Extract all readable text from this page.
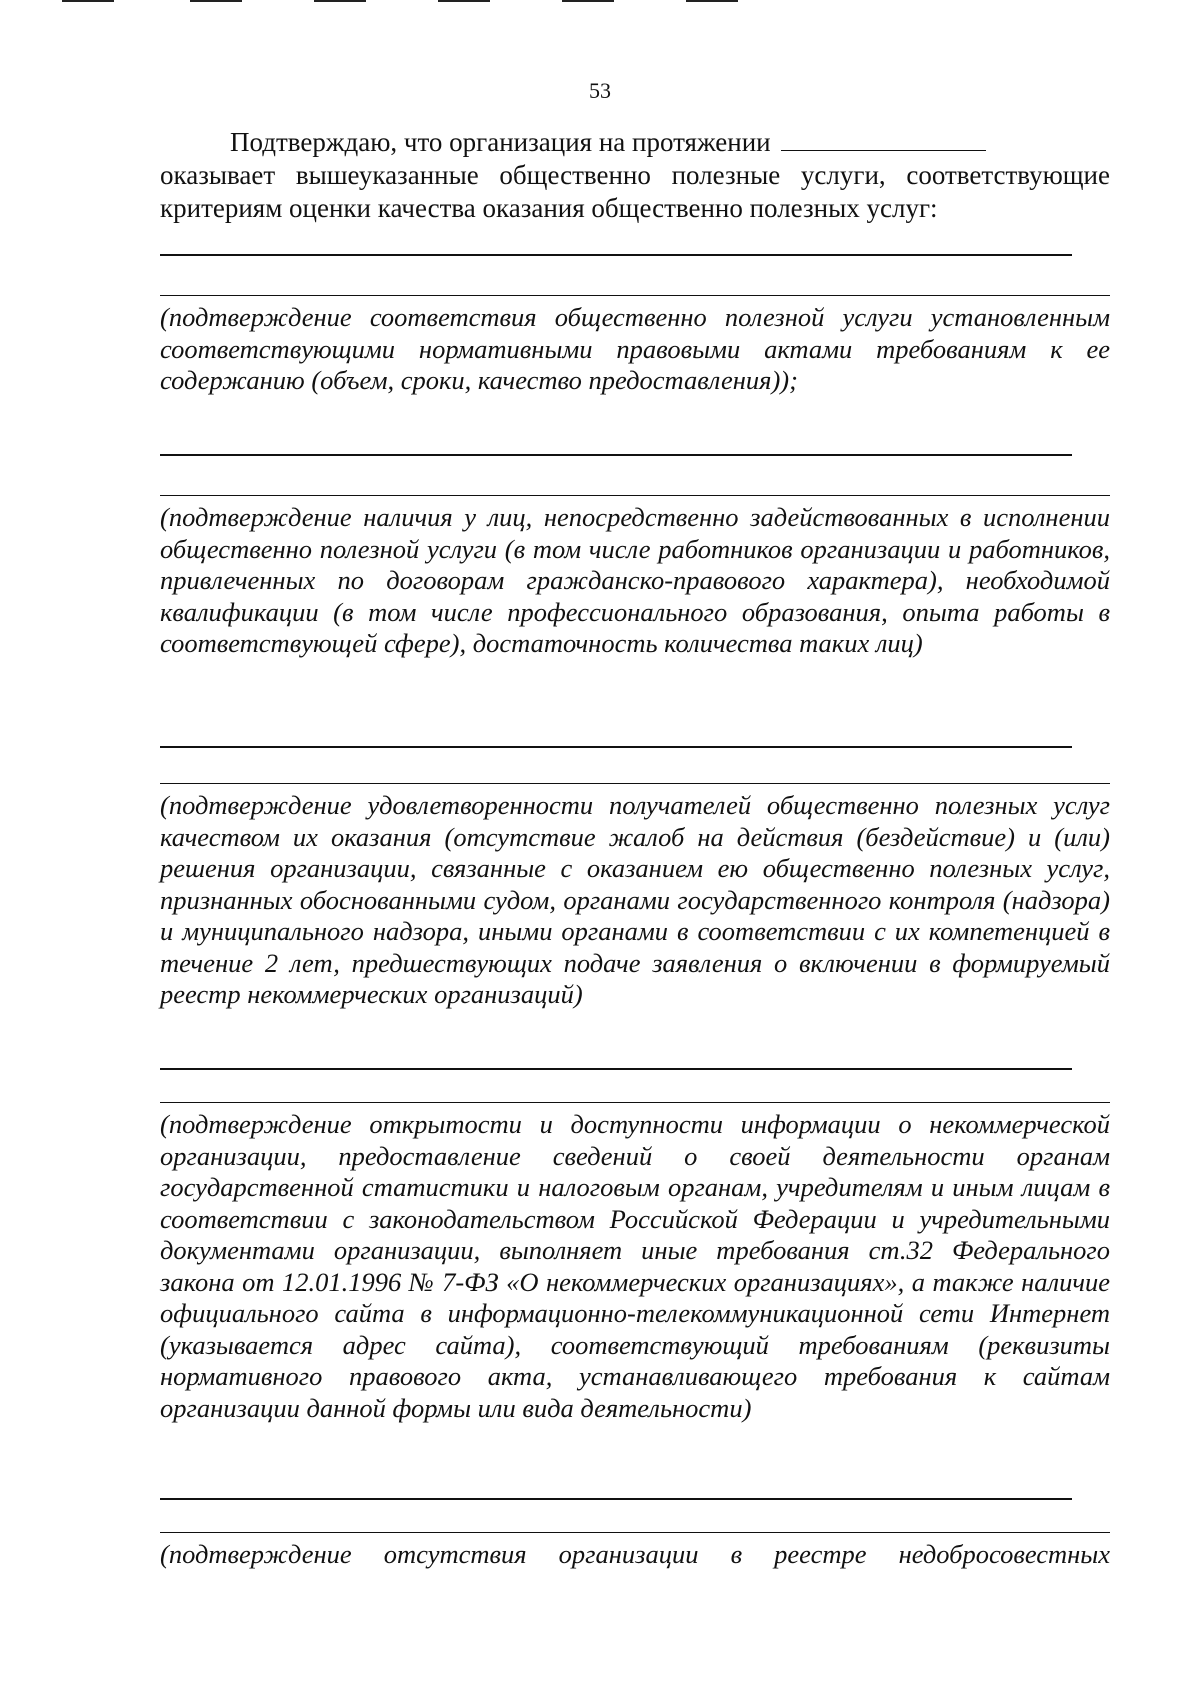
53

Подтверждаю, что организация на протяжении
оказывает вышеуказанные общественно полезные услуги, соответствующие критериям оценки качества оказания общественно полезных услуг:

(подтверждение соответствия общественно полезной услуги установленным соответствующими нормативными правовыми актами требованиям к ее содержанию (объем, сроки, качество предоставления));

(подтверждение наличия у лиц, непосредственно задействованных в исполнении общественно полезной услуги (в том числе работников организации и работников, привлеченных по договорам гражданско-правового характера), необходимой квалификации (в том числе профессионального образования, опыта работы в соответствующей сфере), достаточность количества таких лиц)

(подтверждение удовлетворенности получателей общественно полезных услуг качеством их оказания (отсутствие жалоб на действия (бездействие) и (или) решения организации, связанные с оказанием ею общественно полезных услуг, признанных обоснованными судом, органами государственного контроля (надзора) и муниципального надзора, иными органами в соответствии с их компетенцией в течение 2 лет, предшествующих подаче заявления о включении в формируемый реестр некоммерческих организаций)

(подтверждение открытости и доступности информации о некоммерческой организации, предоставление сведений о своей деятельности органам государственной статистики и налоговым органам, учредителям и иным лицам в соответствии с законодательством Российской Федерации и учредительными документами организации, выполняет иные требования ст.32 Федерального закона от 12.01.1996 № 7-ФЗ «О некоммерческих организациях», а также наличие официального сайта в информационно-телекоммуникационной сети Интернет (указывается адрес сайта), соответствующий требованиям (реквизиты нормативного правового акта, устанавливающего требования к сайтам организации данной формы или вида деятельности)

(подтверждение отсутствия организации в реестре недобросовестных
